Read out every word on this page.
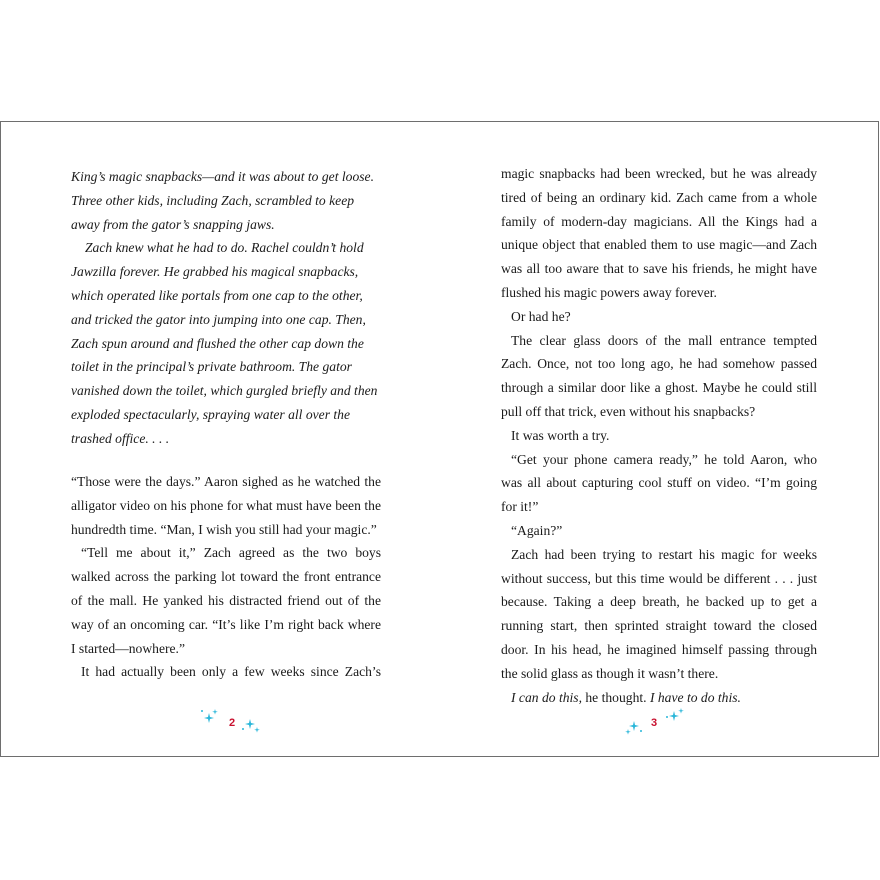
King’s magic snapbacks—and it was about to get loose. Three other kids, including Zach, scrambled to keep away from the gator’s snapping jaws.

Zach knew what he had to do. Rachel couldn’t hold Jawzilla forever. He grabbed his magical snapbacks, which operated like portals from one cap to the other, and tricked the gator into jumping into one cap. Then, Zach spun around and flushed the other cap down the toilet in the principal’s private bathroom. The gator vanished down the toilet, which gurgled briefly and then exploded spectacularly, spraying water all over the trashed office. . . .

“Those were the days.” Aaron sighed as he watched the alligator video on his phone for what must have been the hundredth time. “Man, I wish you still had your magic.”

“Tell me about it,” Zach agreed as the two boys walked across the parking lot toward the front entrance of the mall. He yanked his distracted friend out of the way of an oncoming car. “It’s like I’m right back where I started—nowhere.”

It had actually been only a few weeks since Zach’s

2

magic snapbacks had been wrecked, but he was already tired of being an ordinary kid. Zach came from a whole family of modern-day magicians. All the Kings had a unique object that enabled them to use magic—and Zach was all too aware that to save his friends, he might have flushed his magic powers away forever.

Or had he?

The clear glass doors of the mall entrance tempted Zach. Once, not too long ago, he had somehow passed through a similar door like a ghost. Maybe he could still pull off that trick, even without his snapbacks?

It was worth a try.

“Get your phone camera ready,” he told Aaron, who was all about capturing cool stuff on video. “I’m going for it!”

“Again?”

Zach had been trying to restart his magic for weeks without success, but this time would be different . . . just because. Taking a deep breath, he backed up to get a running start, then sprinted straight toward the closed door. In his head, he imagined himself passing through the solid glass as though it wasn’t there.

I can do this, he thought. I have to do this.

3
